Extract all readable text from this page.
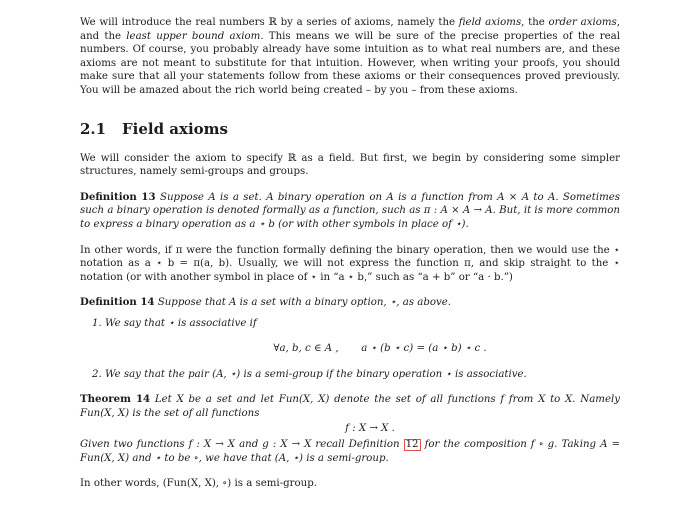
We will introduce the real numbers ℝ by a series of axioms, namely the field axioms, the order axioms, and the least upper bound axiom. This means we will be sure of the precise properties of the real numbers. Of course, you probably already have some intuition as to what real numbers are, and these axioms are not meant to substitute for that intuition. However, when writing your proofs, you should make sure that all your statements follow from these axioms or their consequences proved previously. You will be amazed about the rich world being created – by you – from these axioms.

2.1 Field axioms

We will consider the axiom to specify ℝ as a field. But first, we begin by considering some simpler structures, namely semi-groups and groups.

Definition 13 Suppose A is a set. A binary operation on A is a function from A × A to A. Sometimes such a binary operation is denoted formally as a function, such as π : A × A → A. But, it is more common to express a binary operation as a ⋆ b (or with other symbols in place of ⋆).

In other words, if π were the function formally defining the binary operation, then we would use the ⋆ notation as a ⋆ b = π(a, b). Usually, we will not express the function π, and skip straight to the ⋆ notation (or with another symbol in place of ⋆ in “a ⋆ b,” such as “a + b” or “a · b.”)

Definition 14 Suppose that A is a set with a binary option, ⋆, as above.

1. We say that ⋆ is associative if

∀a, b, c ∈ A ,       a ⋆ (b ⋆ c) = (a ⋆ b) ⋆ c .

2. We say that the pair (A, ⋆) is a semi-group if the binary operation ⋆ is associative.

Theorem 14 Let X be a set and let Fun(X, X) denote the set of all functions f from X to X. Namely Fun(X, X) is the set of all functions

f : X → X .

Given two functions f : X → X and g : X → X recall Definition 12 for the composition f ∘ g. Taking A = Fun(X, X) and ⋆ to be ∘, we have that (A, ⋆) is a semi-group.

In other words, (Fun(X, X), ∘) is a semi-group.
